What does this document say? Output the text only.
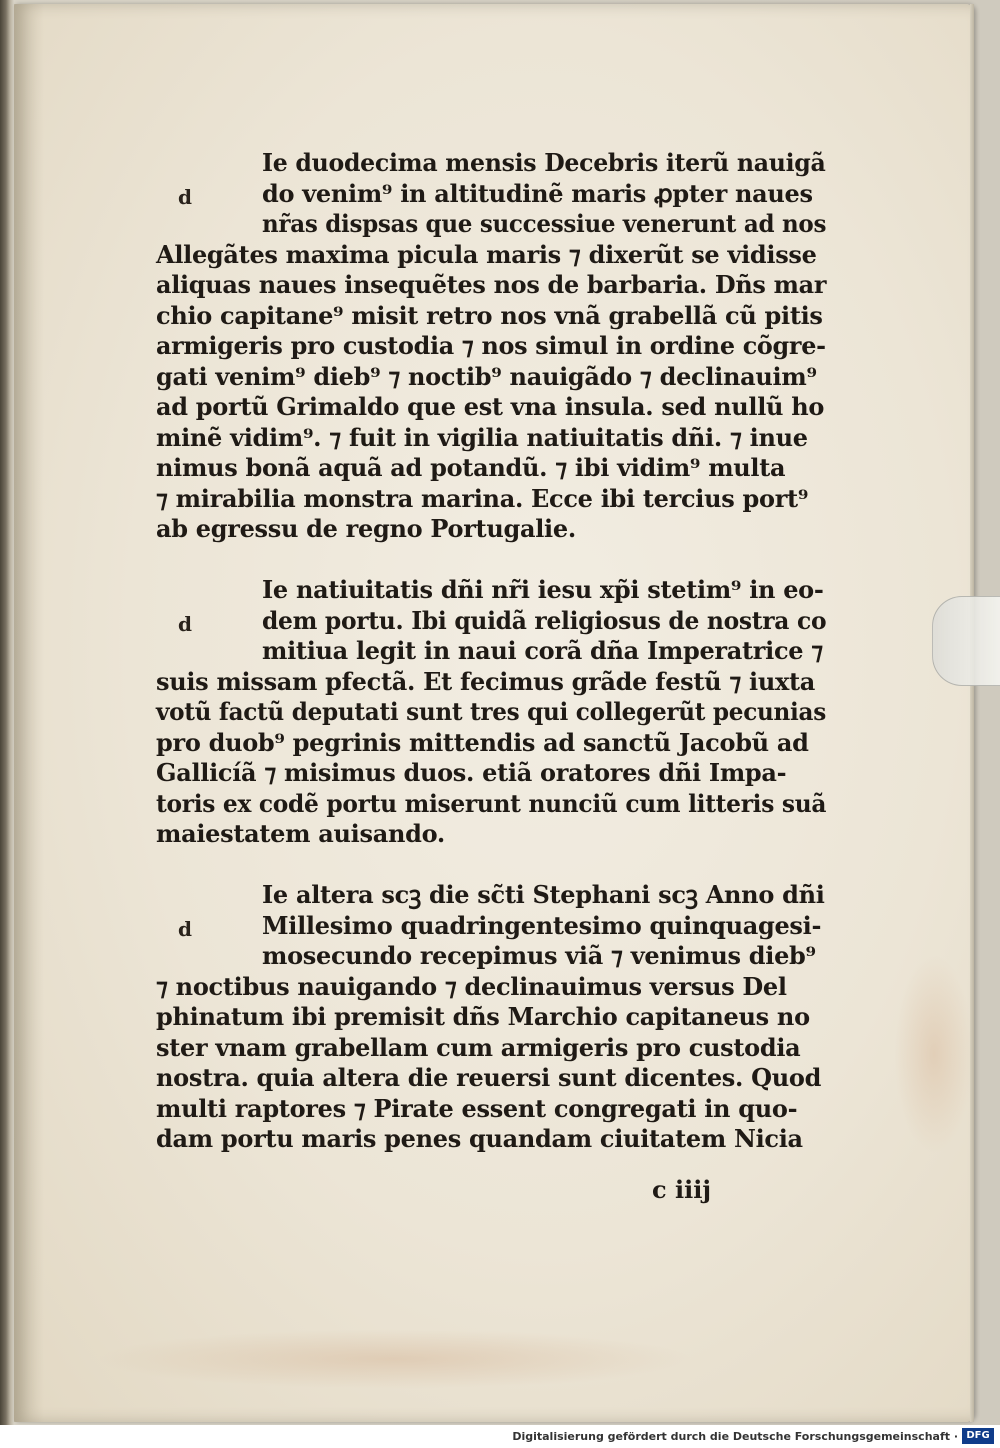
d
Ie duodecima mensis Decebris iterũ nauigã
do venim⁹ in altitudinẽ maris ꝓpter naues
nr̃as dispsas que successiue venerunt ad nos
Allegãtes maxima picula maris ⁊ dixerũt se vidisse
aliquas naues insequẽtes nos de barbaria. Dñs mar
chio capitane⁹ misit retro nos vnã grabellã cũ pitis
armigeris pro custodia ⁊ nos simul in ordine cõgre-
gati venim⁹ dieb⁹ ⁊ noctib⁹ nauigãdo ⁊ declinauim⁹
ad portũ Grimaldo que est vna insula. sed nullũ ho
minẽ vidim⁹. ⁊ fuit in vigilia natiuitatis dñi. ⁊ inue
nimus bonã aquã ad potandũ. ⁊ ibi vidim⁹ multa
⁊ mirabilia monstra marina. Ecce ibi tercius port⁹
ab egressu de regno Portugalie.
d
Ie natiuitatis dñi nr̃i iesu xp̃i stetim⁹ in eo-
dem portu. Ibi quidã religiosus de nostra co
mitiua legit in naui corã dña Imperatrice ⁊
suis missam pfectã. Et fecimus grãde festũ ⁊ iuxta
votũ factũ deputati sunt tres qui collegerũt pecunias
pro duob⁹ pegrinis mittendis ad sanctũ Jacobũ ad
Gallicíã ⁊ misimus duos. etiã oratores dñi Impa-
toris ex codẽ portu miserunt nunciũ cum litteris suã
maiestatem auisando.
d
Ie altera scꝫ die sc̃ti Stephani scꝫ Anno dñi
Millesimo quadringentesimo quinquagesi-
mosecundo recepimus viã ⁊ venimus dieb⁹
⁊ noctibus nauigando ⁊ declinauimus versus Del
phinatum ibi premisit dñs Marchio capitaneus no
ster vnam grabellam cum armigeris pro custodia
nostra. quia altera die reuersi sunt dicentes. Quod
multi raptores ⁊ Pirate essent congregati in quo-
dam portu maris penes quandam ciuitatem Nicia
c iiij
Digitalisierung gefördert durch die Deutsche Forschungsgemeinschaft · DFG
